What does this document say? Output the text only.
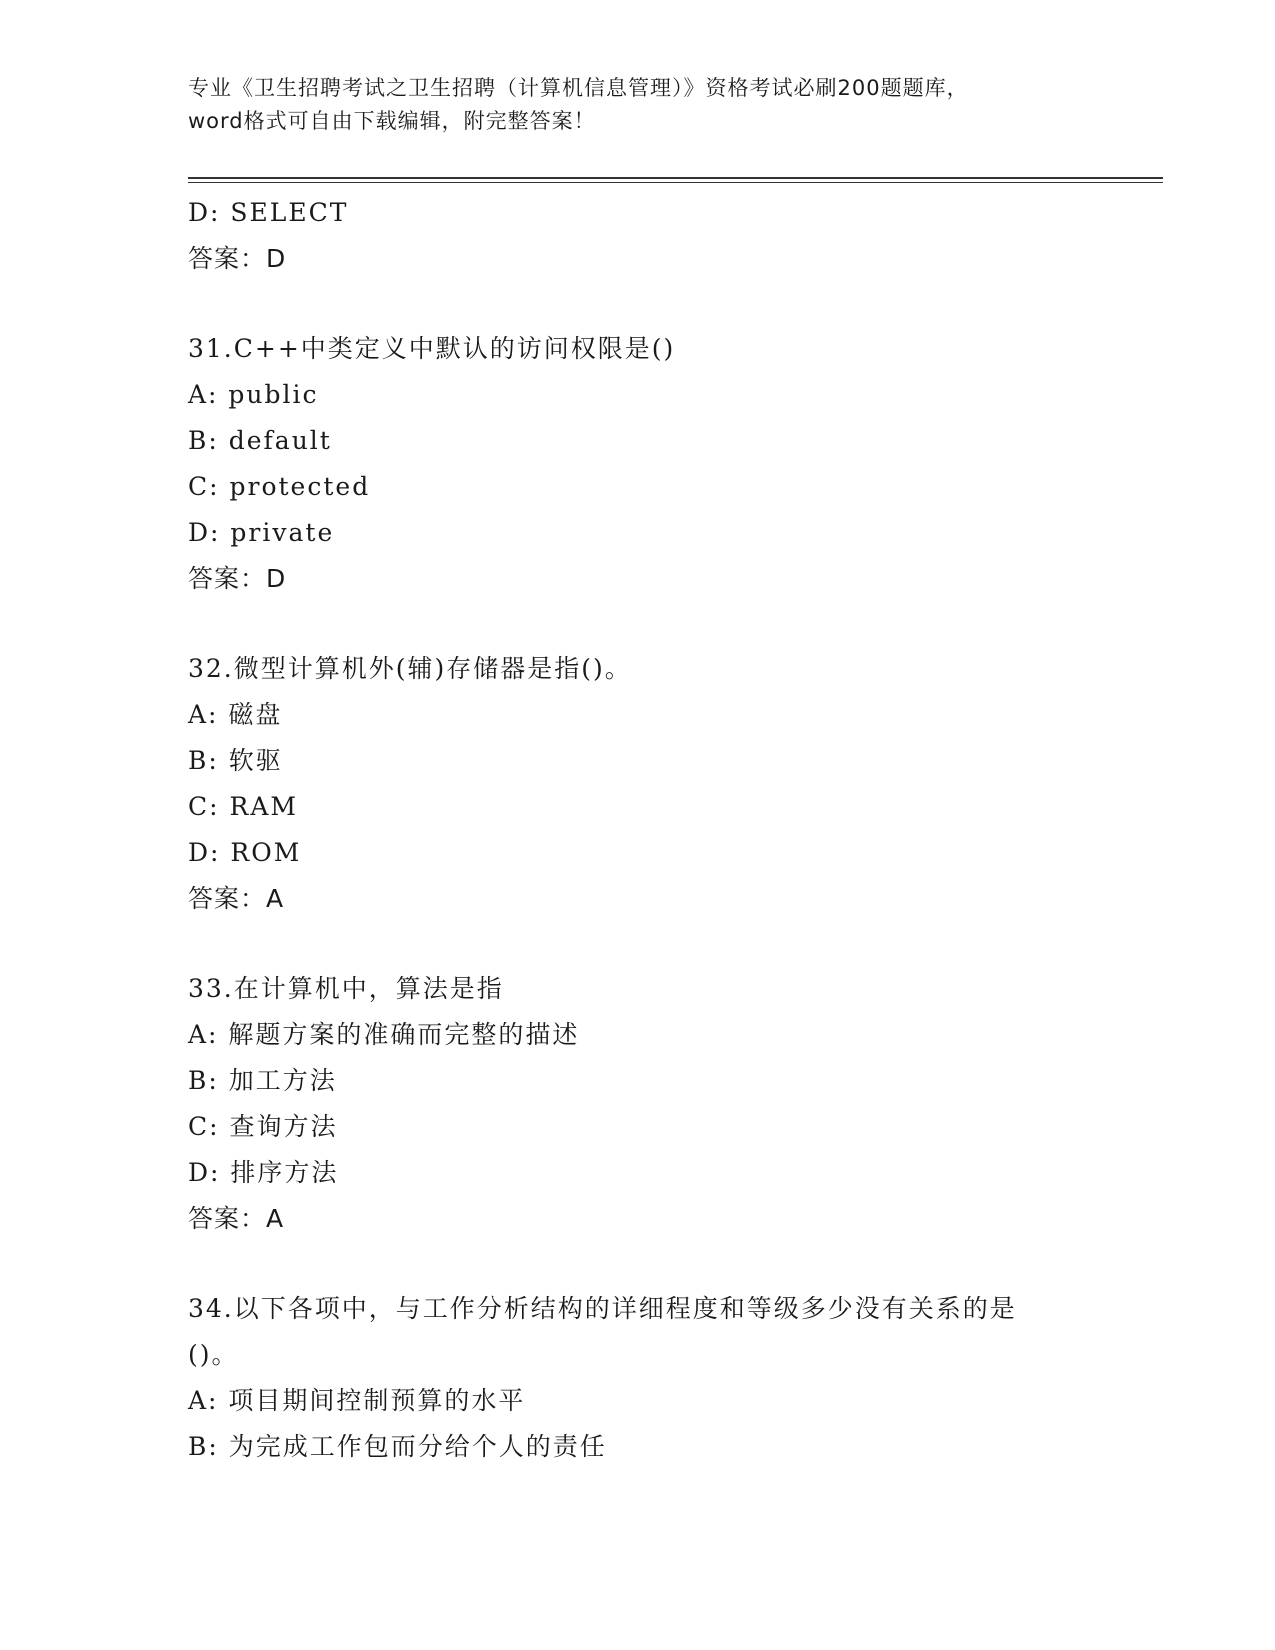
专业《卫生招聘考试之卫生招聘（计算机信息管理）》资格考试必刷200题题库，
word格式可自由下载编辑，附完整答案！
D: SELECT
答案：D
31.C++中类定义中默认的访问权限是()
A: public
B: default
C: protected
D: private
答案：D
32.微型计算机外(辅)存储器是指()。
A: 磁盘
B: 软驱
C: RAM
D: ROM
答案：A
33.在计算机中，算法是指
A: 解题方案的准确而完整的描述
B: 加工方法
C: 查询方法
D: 排序方法
答案：A
34.以下各项中，与工作分析结构的详细程度和等级多少没有关系的是
()。
A: 项目期间控制预算的水平
B: 为完成工作包而分给个人的责任
